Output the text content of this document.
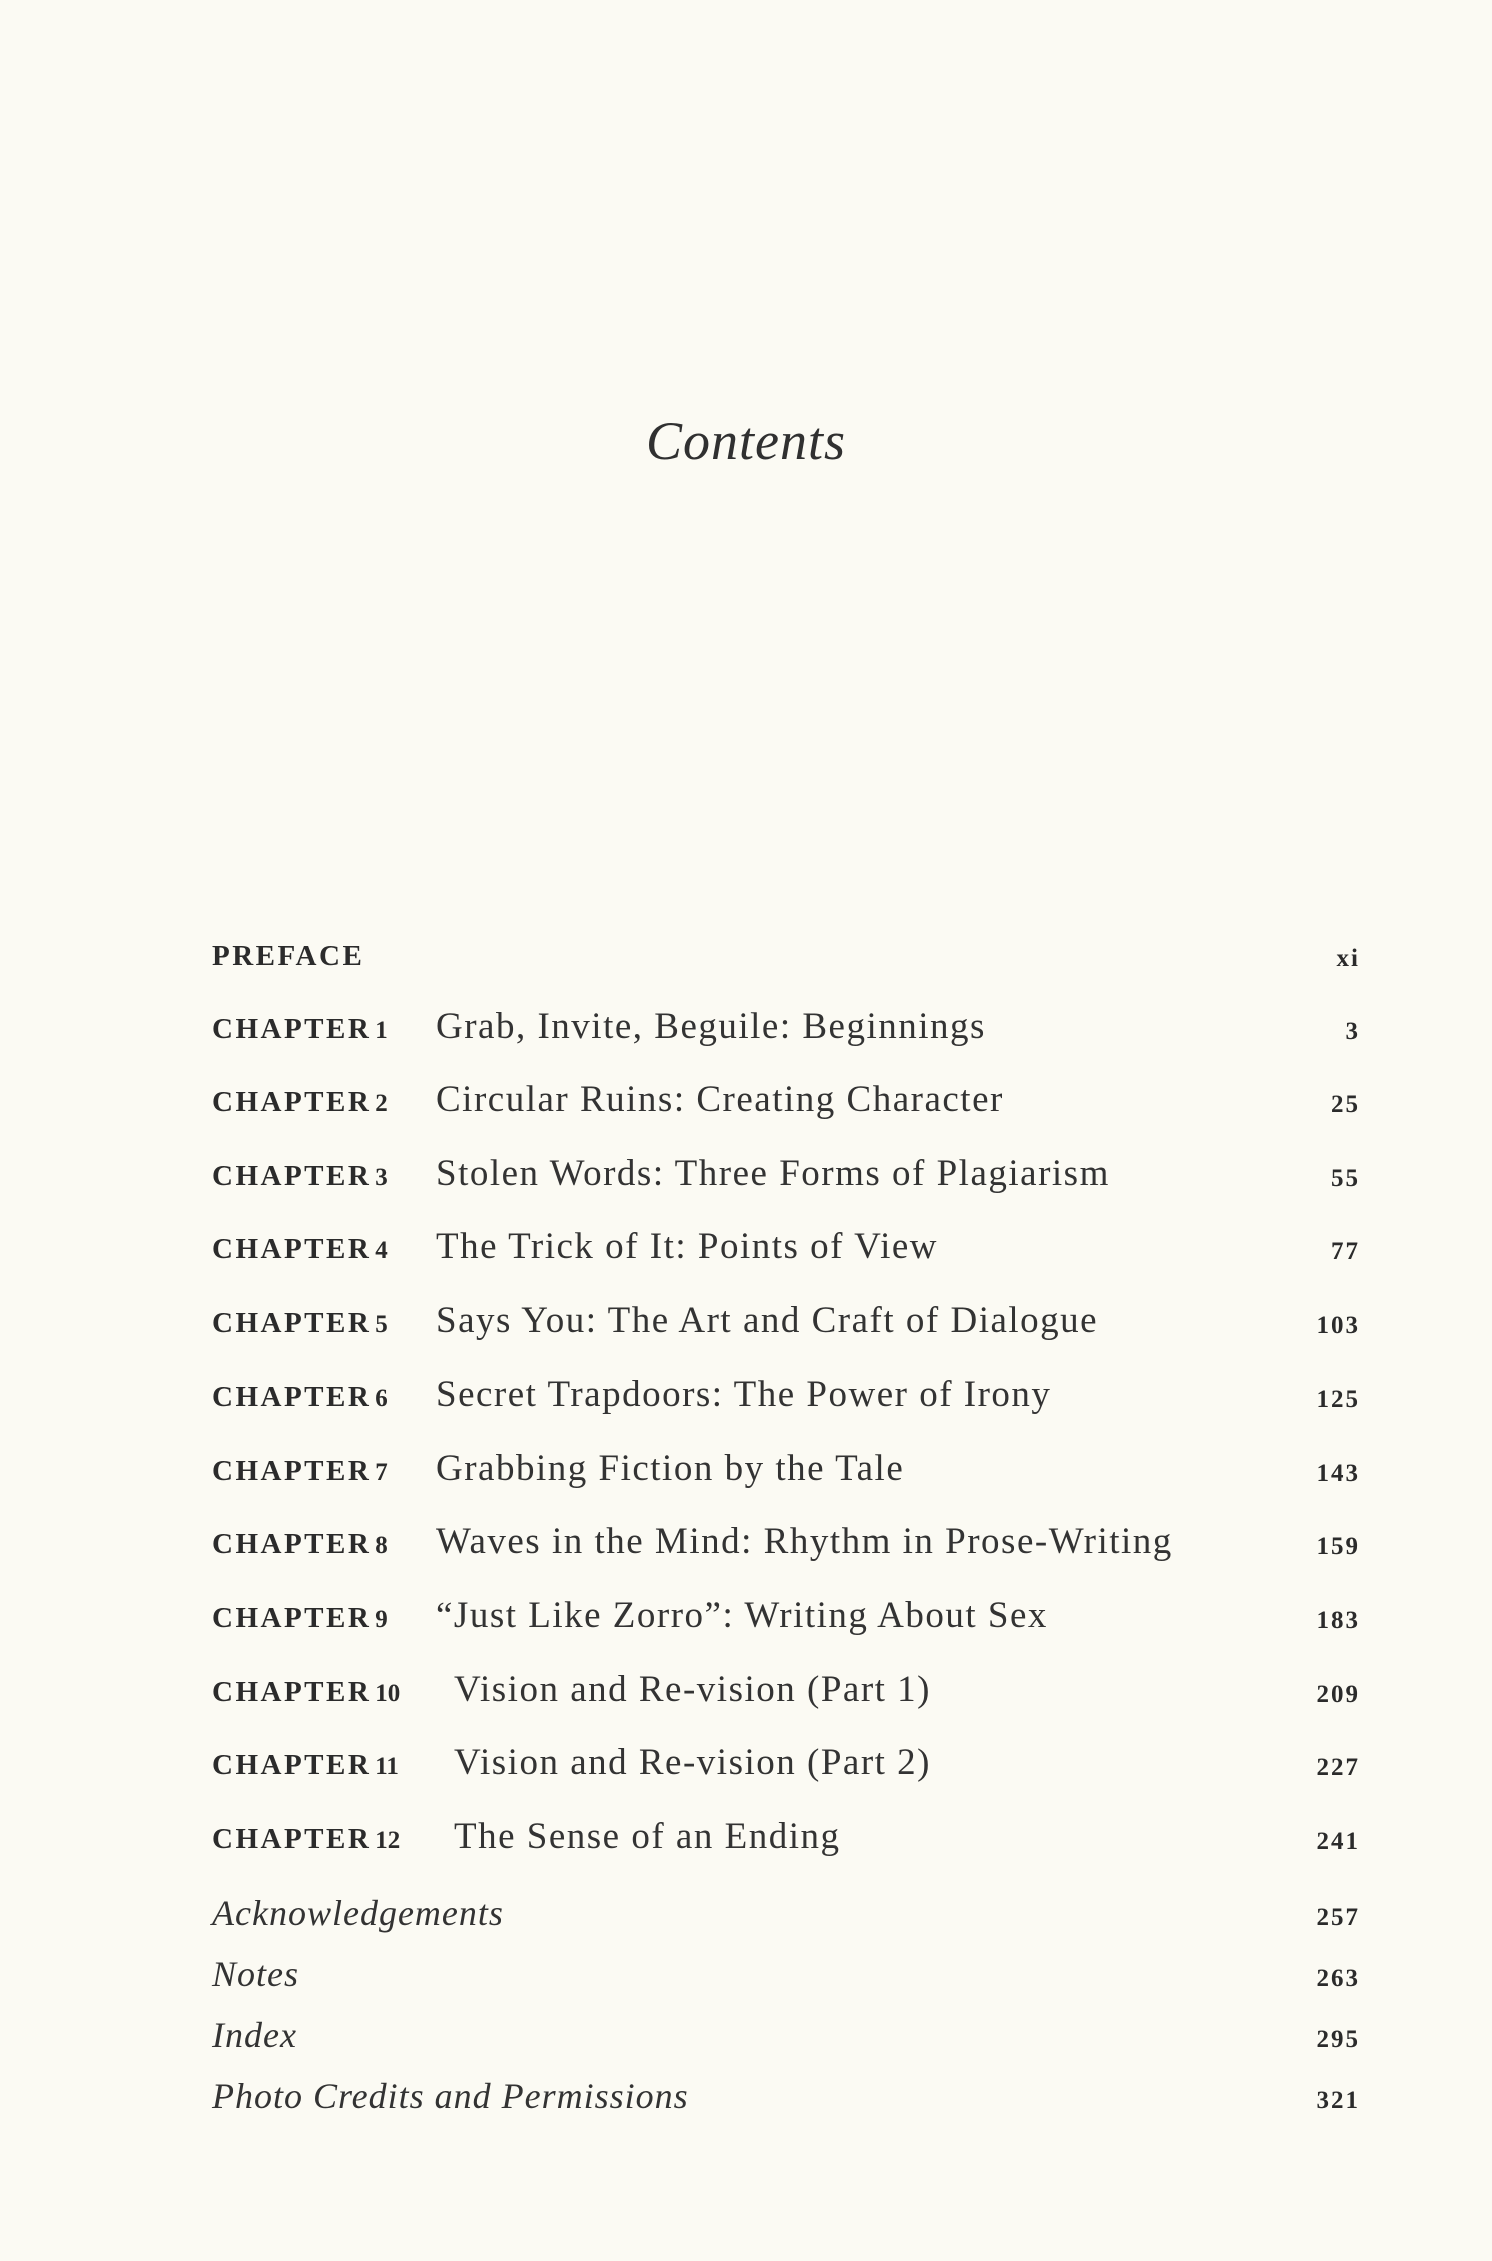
Contents
PREFACE	xi
CHAPTER 1 Grab, Invite, Beguile: Beginnings	3
CHAPTER 2 Circular Ruins: Creating Character	25
CHAPTER 3 Stolen Words: Three Forms of Plagiarism	55
CHAPTER 4 The Trick of It: Points of View	77
CHAPTER 5 Says You: The Art and Craft of Dialogue	103
CHAPTER 6 Secret Trapdoors: The Power of Irony	125
CHAPTER 7 Grabbing Fiction by the Tale	143
CHAPTER 8 Waves in the Mind: Rhythm in Prose-Writing	159
CHAPTER 9 “Just Like Zorro”: Writing About Sex	183
CHAPTER 10 Vision and Re-vision (Part 1)	209
CHAPTER 11 Vision and Re-vision (Part 2)	227
CHAPTER 12 The Sense of an Ending	241
Acknowledgements	257
Notes	263
Index	295
Photo Credits and Permissions	321
